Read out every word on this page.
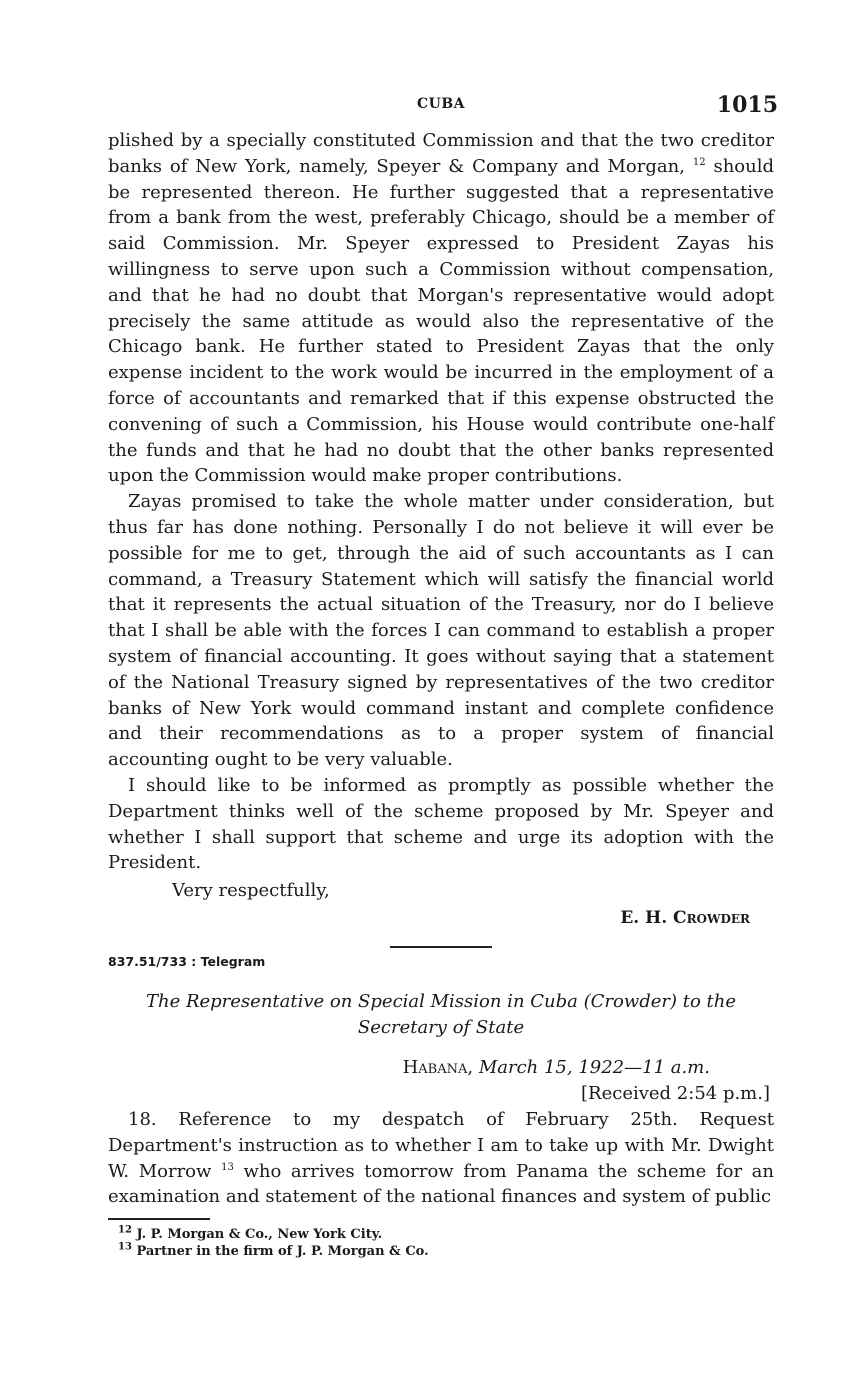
CUBA	1015

plished by a specially constituted Commission and that the two creditor banks of New York, namely, Speyer & Company and Morgan, $^{12}$ should be represented thereon. He further suggested that a representative from a bank from the west, preferably Chicago, should be a member of said Commission. Mr. Speyer expressed to President Zayas his willingness to serve upon such a Commission without compensation, and that he had no doubt that Morgan's representative would adopt precisely the same attitude as would also the representative of the Chicago bank. He further stated to President Zayas that the only expense incident to the work would be incurred in the employment of a force of accountants and remarked that if this expense obstructed the convening of such a Commission, his House would contribute one-half the funds and that he had no doubt that the other banks represented upon the Commission would make proper contributions.

Zayas promised to take the whole matter under consideration, but thus far has done nothing. Personally I do not believe it will ever be possible for me to get, through the aid of such accountants as I can command, a Treasury Statement which will satisfy the financial world that it represents the actual situation of the Treasury, nor do I believe that I shall be able with the forces I can command to establish a proper system of financial accounting. It goes without saying that a statement of the National Treasury signed by representatives of the two creditor banks of New York would command instant and complete confidence and their recommendations as to a proper system of financial accounting ought to be very valuable.

I should like to be informed as promptly as possible whether the Department thinks well of the scheme proposed by Mr. Speyer and whether I shall support that scheme and urge its adoption with the President.

Very respectfully,

E. H. Crowder
837.51/733 : Telegram
The Representative on Special Mission in Cuba (Crowder) to the Secretary of State
Habana, March 15, 1922—11 a.m.
[Received 2:54 p.m.]

18. Reference to my despatch of February 25th. Request Department's instruction as to whether I am to take up with Mr. Dwight W. Morrow $^{13}$ who arrives tomorrow from Panama the scheme for an examination and statement of the national finances and system of public

$^{12}$ J. P. Morgan & Co., New York City.
$^{13}$ Partner in the firm of J. P. Morgan & Co.
